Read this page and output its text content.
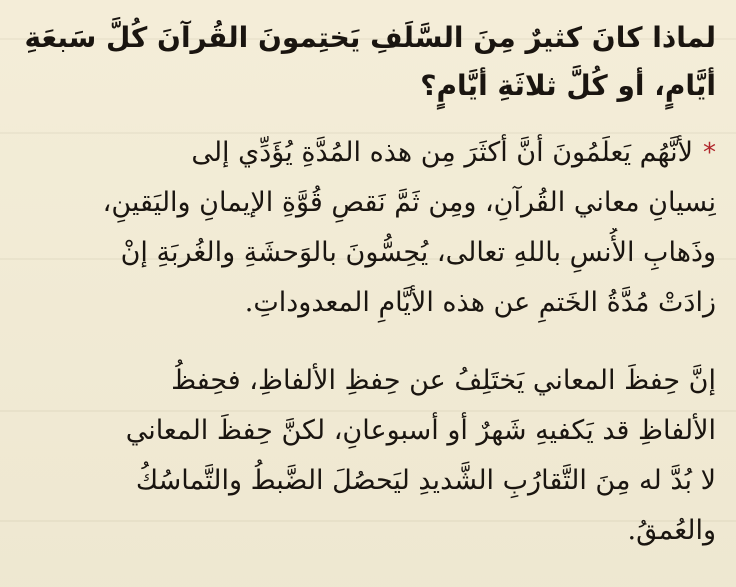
لماذا كانَ كثيرٌ مِنَ السَّلَفِ يَختِمونَ القُرآنَ كُلَّ سَبعَةِ
أيَّامٍ، أو كُلَّ ثلاثَةِ أيَّامٍ؟
*لأنَّهُم يَعلَمُونَ أنَّ أكثَرَ مِن هذه المُدَّةِ يُؤَدِّي إلى
نِسيانِ معاني القُرآنِ، ومِن ثَمَّ نَقصِ قُوَّةِ الإيمانِ واليَقينِ،
وذَهابِ الأُنسِ باللهِ تعالى، يُحِسُّونَ بالوَحشَةِ والغُربَةِ إنْ
زادَتْ مُدَّةُ الخَتمِ عن هذه الأيَّامِ المعدوداتِ.
إنَّ حِفظَ المعاني يَختَلِفُ عن حِفظِ الألفاظِ، فحِفظُ
الألفاظِ قد يَكفيهِ شَهرٌ أو أسبوعانِ، لكنَّ حِفظَ المعاني
لا بُدَّ له مِنَ التَّقارُبِ الشَّديدِ ليَحصُلَ الضَّبطُ والتَّماسُكُ
والعُمقُ.
